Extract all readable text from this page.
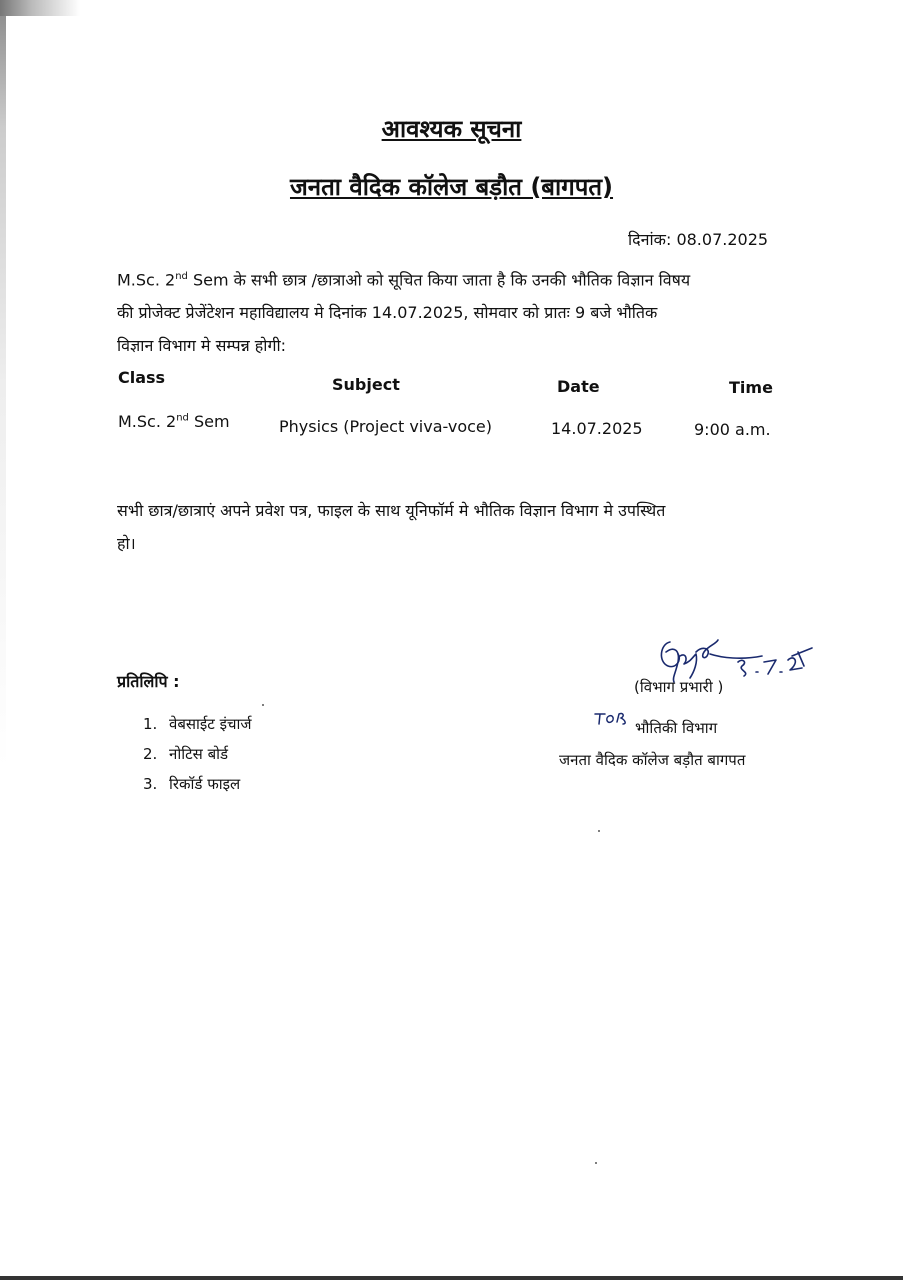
आवश्यक सूचना
जनता वैदिक कॉलेज बड़ौत (बागपत)
दिनांक: 08.07.2025
M.Sc. 2nd Sem के सभी छात्र /छात्राओ को सूचित किया जाता है कि उनकी भौतिक विज्ञान विषय
की प्रोजेक्ट प्रेजेंटेशन महाविद्यालय मे दिनांक 14.07.2025, सोमवार को प्रातः 9 बजे भौतिक
विज्ञान विभाग मे सम्पन्न होगी:
Class	Subject	Date	Time
M.Sc. 2nd Sem	Physics (Project viva-voce)	14.07.2025	9:00 a.m.
सभी छात्र/छात्राएं अपने प्रवेश पत्र, फाइल के साथ यूनिफॉर्म मे भौतिक विज्ञान विभाग मे उपस्थित
हो।
प्रतिलिपि :
1. वेबसाईट इंचार्ज
2. नोटिस बोर्ड
3. रिकॉर्ड फाइल
(विभाग प्रभारी )
भौतिकी विभाग
जनता वैदिक कॉलेज बड़ौत बागपत
